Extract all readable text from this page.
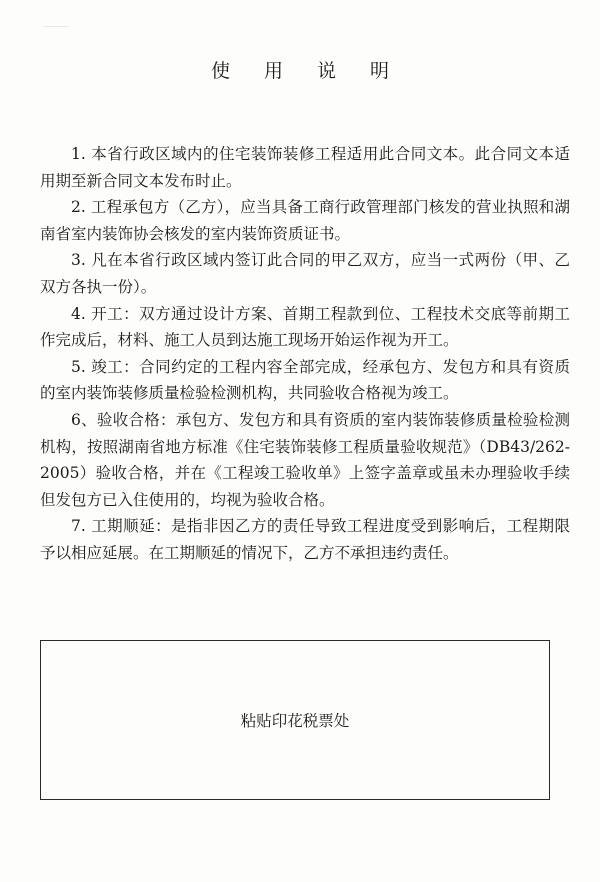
使 用 说 明

1. 本省行政区域内的住宅装饰装修工程适用此合同文本。此合同文本适用期至新合同文本发布时止。

2. 工程承包方（乙方），应当具备工商行政管理部门核发的营业执照和湖南省室内装饰协会核发的室内装饰资质证书。

3. 凡在本省行政区域内签订此合同的甲乙双方，应当一式两份（甲、乙双方各执一份）。

4. 开工：双方通过设计方案、首期工程款到位、工程技术交底等前期工作完成后，材料、施工人员到达施工现场开始运作视为开工。

5. 竣工：合同约定的工程内容全部完成，经承包方、发包方和具有资质的室内装饰装修质量检验检测机构，共同验收合格视为竣工。

6、验收合格：承包方、发包方和具有资质的室内装饰装修质量检验检测机构，按照湖南省地方标准《住宅装饰装修工程质量验收规范》（DB43/262-2005）验收合格，并在《工程竣工验收单》上签字盖章或虽未办理验收手续但发包方已入住使用的，均视为验收合格。

7. 工期顺延：是指非因乙方的责任导致工程进度受到影响后，工程期限予以相应延展。在工期顺延的情况下，乙方不承担违约责任。

粘贴印花税票处
